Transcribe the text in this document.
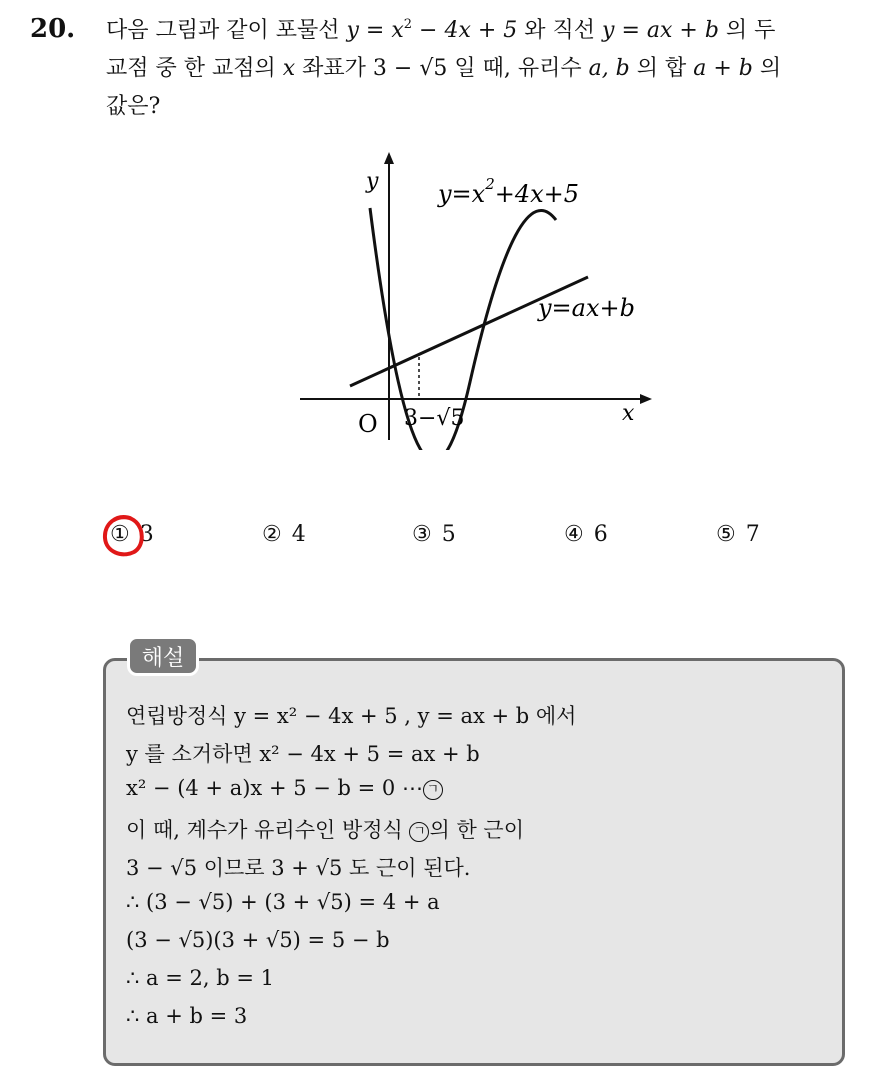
20. 다음 그림과 같이 포물선 $y = x^2 - 4x + 5$ 와 직선 y = ax + b 의 두
교점 중 한 교점의 x 좌표가 3 − √5 일 때, 유리수 a, b 의 합 a + b 의
값은?
y
x
O 3−√5
$y=x^2+4x+5$
y=ax+b
① 3	② 4	③ 5	④ 6	⑤ 7
해설
연립방정식 y = x² − 4x + 5 , y = ax + b 에서
y 를 소거하면 x² − 4x + 5 = ax + b
x² − (4 + a)x + 5 − b = 0 ⋯ ㄱ
이 때, 계수가 유리수인 방정식 ㄱ 의 한 근이
3 − √5 이므로 3 + √5 도 근이 된다.
∴ (3 − √5) + (3 + √5) = 4 + a
(3 − √5)(3 + √5) = 5 − b
∴ a = 2, b = 1
∴ a + b = 3
